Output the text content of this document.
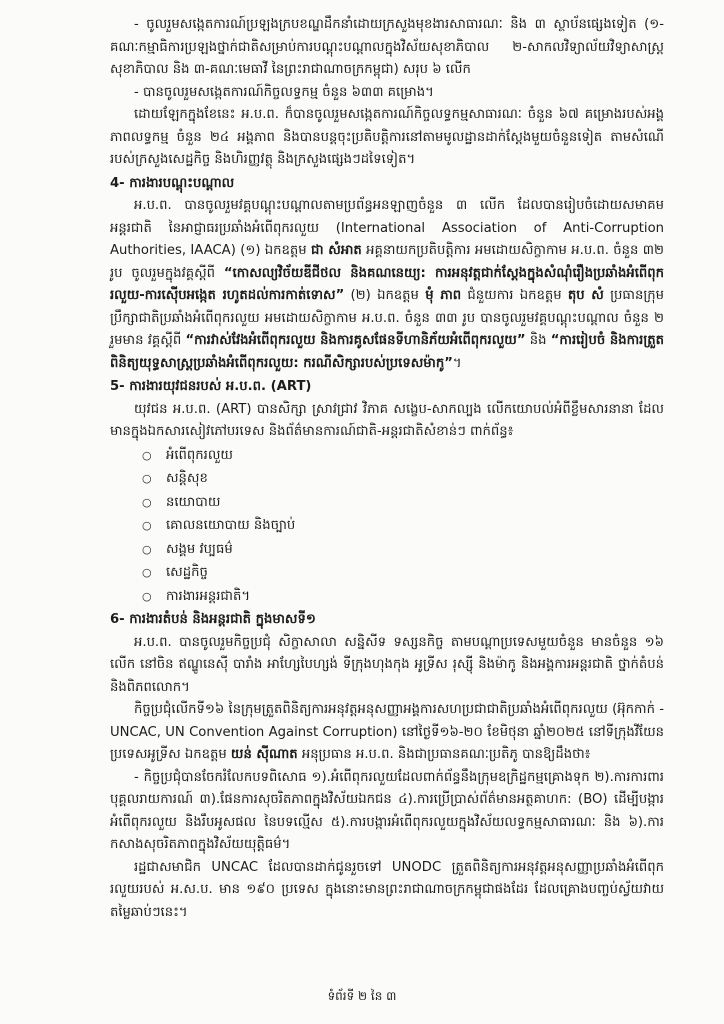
- ចូលរួមសង្កេតការណ៍ប្រឡងក្របខណ្ឌដឹកនាំដោយក្រសួងមុខងារសាធារណៈ និង ៣ ស្ថាប័នផ្សេងទៀត (១-គណៈកម្មាធិការប្រឡងថ្នាក់ជាតិសម្រាប់ការបណ្តុះបណ្តាលក្នុងវិស័យសុខាភិបាល ២-សាកលវិទ្យាល័យវិទ្យាសាស្ត្រសុខាភិបាល និង ៣-គណៈមេធាវី នៃព្រះរាជាណាចក្រកម្ពុជា) សរុប ៦ លើក

- បានចូលរួមសង្កេតការណ៍កិច្ចលទ្ធកម្ម ចំនួន ៦៣៣ គម្រោង។

ដោយឡែកក្នុងខែនេះ អ.ប.ព. ក៏បានចូលរួមសង្កេតការណ៍កិច្ចលទ្ធកម្មសាធារណៈ ចំនួន ៦៧ គម្រោងរបស់អង្គភាពលទ្ធកម្ម ចំនួន ២៤ អង្គភាព និងបានបន្តចុះប្រតិបត្តិការនៅតាមមូលដ្ឋានដាក់ស្តែងមួយចំនួនទៀត តាមសំណើរបស់ក្រសួងសេដ្ឋកិច្ច និងហិរញ្ញវត្ថុ និងក្រសួងផ្សេងៗដទៃទៀត។

4- ការងារបណ្តុះបណ្តាល

អ.ប.ព. បានចូលរួមវគ្គបណ្តុះបណ្តាលតាមប្រព័ន្ធអនឡាញចំនួន ៣ លើក ដែលបានរៀបចំដោយសមាគមអន្តរជាតិ នៃអាជ្ញាធរប្រឆាំងអំពើពុករលួយ (International Association of Anti-Corruption Authorities, IAACA) (១) ឯកឧត្តម ជា សំអាត អគ្គនាយកប្រតិបត្តិការ អមដោយសិក្ខាកាម អ.ប.ព. ចំនួន ៣២ រូប ចូលរួមក្នុងវគ្គស្តីពី “កោសល្យវិច័យឌីជីថល និងគណនេយ្យ: ការអនុវត្តជាក់ស្តែងក្នុងសំណុំរឿងប្រឆាំងអំពើពុករលួយ-ការស៊ើបអង្កេត រហូតដល់ការកាត់ទោស” (២) ឯកឧត្តម មុំ ភាព ជំនួយការ ឯកឧត្តម តុប សំ ប្រធានក្រុមប្រឹក្សាជាតិប្រឆាំងអំពើពុករលួយ អមដោយសិក្ខាកាម អ.ប.ព. ចំនួន ៣៣ រូប បានចូលរួមវគ្គបណ្តុះបណ្តាល ចំនួន ២ រួមមាន វគ្គស្តីពី “ការវាស់វែងអំពើពុករលួយ និងការគូសផែនទីហានិភ័យអំពើពុករលួយ” និង “ការរៀបចំ និងការត្រួតពិនិត្យយុទ្ធសាស្ត្រប្រឆាំងអំពើពុករលួយ: ករណីសិក្សារបស់ប្រទេសម៉ាកូ”។

5- ការងារយុវជនរបស់ អ.ប.ព. (ART)

យុវជន អ.ប.ព. (ART) បានសិក្សា ស្រាវជ្រាវ វិភាគ សង្ខេប-សាកល្បង លើកយោបល់អំពីខ្លឹមសារនានា ដែលមានក្នុងឯកសារសៀវភៅបរទេស និងព័ត៌មានការណ៍ជាតិ-អន្តរជាតិសំខាន់ៗ ពាក់ព័ន្ធ៖

○ អំពើពុករលួយ
○ សន្តិសុខ
○ នយោបាយ
○ គោលនយោបាយ និងច្បាប់
○ សង្គម វប្បធម៌
○ សេដ្ឋកិច្ច
○ ការងារអន្តរជាតិ។

6- ការងារតំបន់ និងអន្តរជាតិ ក្នុងមាសទី១

អ.ប.ព. បានចូលរួមកិច្ចប្រជុំ សិក្ខាសាលា សន្និសីទ ទស្សនកិច្ច តាមបណ្តាប្រទេសមួយចំនួន មានចំនួន ១៦ លើក នៅចិន ឥណ្ឌូនេស៊ី បារាំង អាហ្សែបៃហ្សង់ ទីក្រុងហុងកុង អូទ្រីស រុស្ស៊ី និងម៉ាកូ និងអង្គការអន្តរជាតិ ថ្នាក់តំបន់ និងពិភពលោក។

កិច្ចប្រជុំលើកទី១៦ នៃក្រុមត្រួតពិនិត្យការអនុវត្តអនុសញ្ញាអង្គការសហប្រជាជាតិប្រឆាំងអំពើពុករលួយ (អ៊ុកកាក់ - UNCAC, UN Convention Against Corruption) នៅថ្ងៃទី១៦-២០ ខែមិថុនា ឆ្នាំ២០២៥ នៅទីក្រុងវីយែន ប្រទេសអូទ្រីស ឯកឧត្តម យន់ ស៊ីណាត អនុប្រធាន អ.ប.ព. និងជាប្រធានគណៈប្រតិភូ បានឱ្យដឹងថា៖

- កិច្ចប្រជុំបានចែករំលែកបទពិសោធ ១).អំពើពុករលួយដែលពាក់ព័ន្ធនឹងក្រុមឧក្រិដ្ឋកម្មគ្រោងទុក ២).ការការពារបុគ្គលរាយការណ៍ ៣).ផែនការសុចរិតភាពក្នុងវិស័យឯកជន ៤).ការប្រើប្រាស់ព័ត៌មានអត្ថគាហក: (BO) ដើម្បីបង្ការអំពើពុករលួយ និងរឹបអូសផល នៃបទល្មើស ៥).ការបង្ការអំពើពុករលួយក្នុងវិស័យលទ្ធកម្មសាធារណៈ និង ៦).ការកសាងសុចរិតភាពក្នុងវិស័យយុត្តិធម៌។

រដ្ឋជាសមាជិក UNCAC ដែលបានដាក់ជូនរួចទៅ UNODC ត្រួតពិនិត្យការអនុវត្តអនុសញ្ញាប្រឆាំងអំពើពុករលួយរបស់ អ.ស.ប. មាន ១៩០ ប្រទេស ក្នុងនោះមានព្រះរាជាណាចក្រកម្ពុជាផងដែរ ដែលគ្រោងបញ្ចប់ស្វ័យវាយតម្លៃឆាប់ៗនេះ។

ទំព័រទី ២ នៃ ៣
